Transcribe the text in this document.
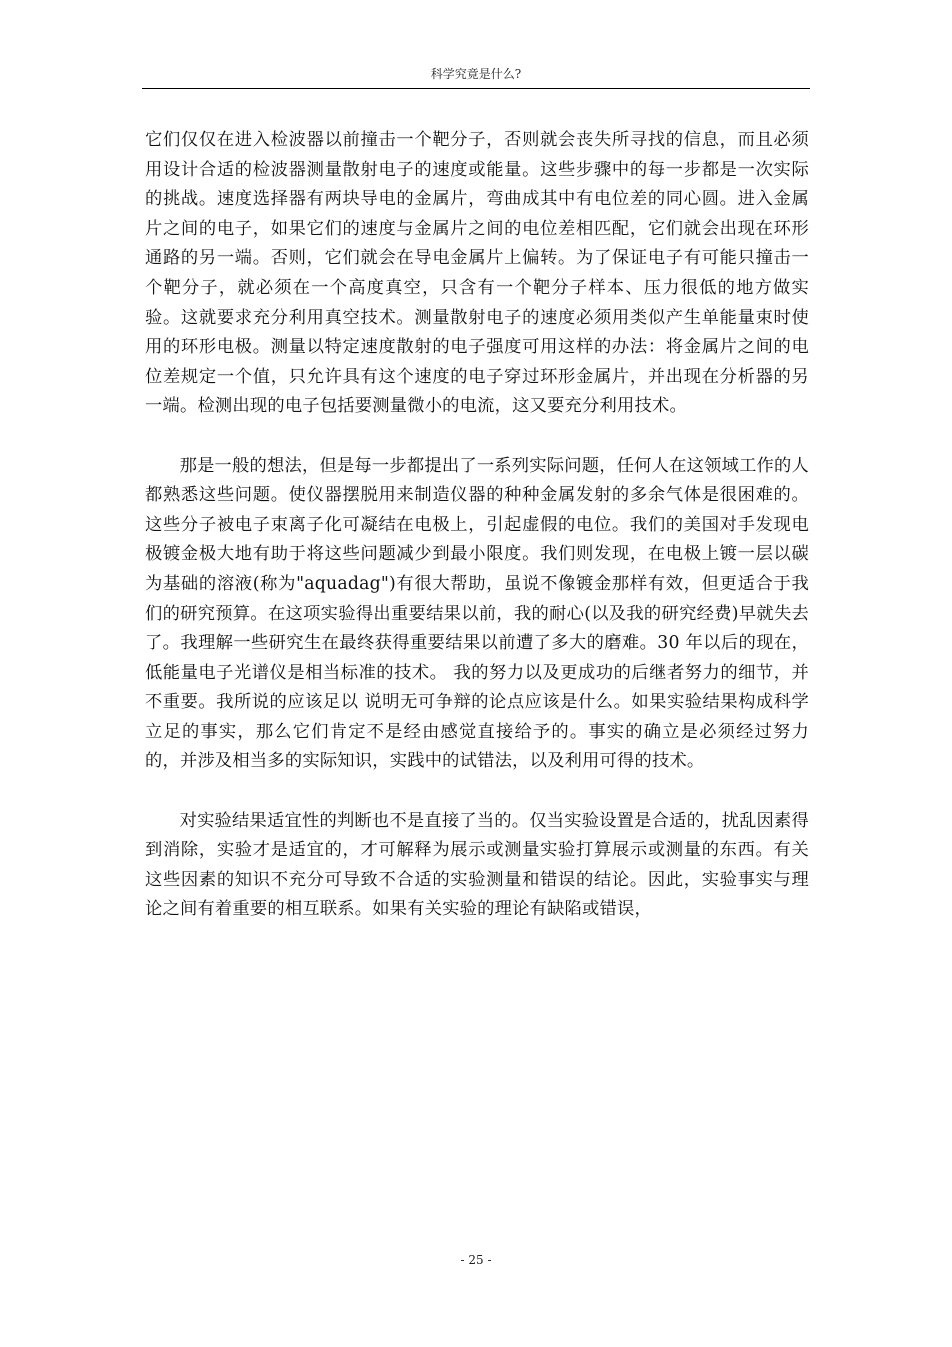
科学究竟是什么?

它们仅仅在进入检波器以前撞击一个靶分子，否则就会丧失所寻找的信息，而且必须用设计合适的检波器测量散射电子的速度或能量。这些步骤中的每一步都是一次实际的挑战。速度选择器有两块导电的金属片，弯曲成其中有电位差的同心圆。进入金属片之间的电子，如果它们的速度与金属片之间的电位差相匹配，它们就会出现在环形通路的另一端。否则，它们就会在导电金属片上偏转。为了保证电子有可能只撞击一个靶分子，就必须在一个高度真空，只含有一个靶分子样本、压力很低的地方做实验。这就要求充分利用真空技术。测量散射电子的速度必须用类似产生单能量束时使用的环形电极。测量以特定速度散射的电子强度可用这样的办法：将金属片之间的电位差规定一个值，只允许具有这个速度的电子穿过环形金属片，并出现在分析器的另一端。检测出现的电子包括要测量微小的电流，这又要充分利用技术。

那是一般的想法，但是每一步都提出了一系列实际问题，任何人在这领域工作的人都熟悉这些问题。使仪器摆脱用来制造仪器的种种金属发射的多余气体是很困难的。这些分子被电子束离子化可凝结在电极上，引起虚假的电位。我们的美国对手发现电极镀金极大地有助于将这些问题减少到最小限度。我们则发现，在电极上镀一层以碳为基础的溶液(称为"aquadag")有很大帮助，虽说不像镀金那样有效，但更适合于我们的研究预算。在这项实验得出重要结果以前，我的耐心(以及我的研究经费)早就失去了。我理解一些研究生在最终获得重要结果以前遭了多大的磨难。30 年以后的现在，低能量电子光谱仪是相当标准的技术。 我的努力以及更成功的后继者努力的细节，并不重要。我所说的应该足以 说明无可争辩的论点应该是什么。如果实验结果构成科学立足的事实，那么它们肯定不是经由感觉直接给予的。事实的确立是必须经过努力的，并涉及相当多的实际知识，实践中的试错法，以及利用可得的技术。

对实验结果适宜性的判断也不是直接了当的。仅当实验设置是合适的，扰乱因素得到消除，实验才是适宜的，才可解释为展示或测量实验打算展示或测量的东西。有关这些因素的知识不充分可导致不合适的实验测量和错误的结论。因此，实验事实与理论之间有着重要的相互联系。如果有关实验的理论有缺陷或错误，

- 25 -
